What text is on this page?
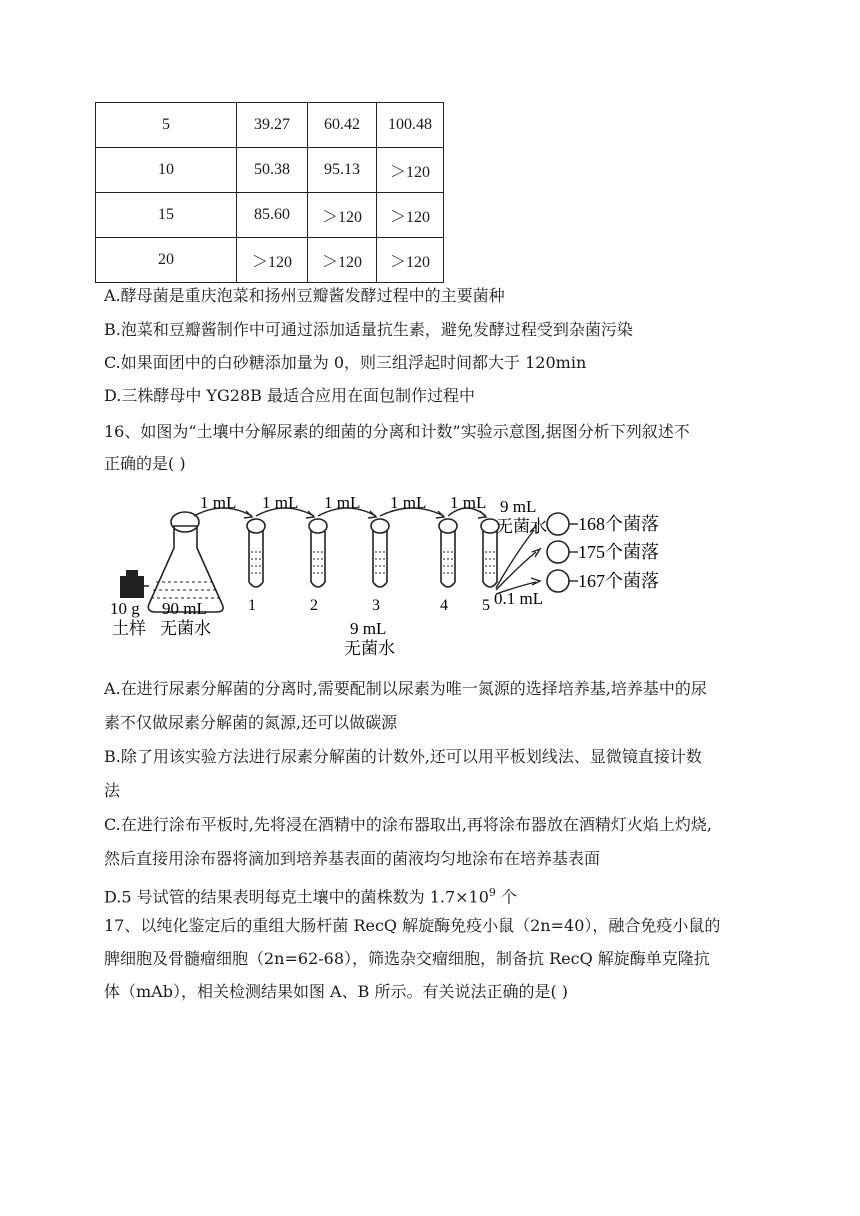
5	39.27	60.42	100.48
10	50.38	95.13	＞120
15	85.60	＞120	＞120
20	＞120	＞120	＞120

A.酵母菌是重庆泡菜和扬州豆瓣酱发酵过程中的主要菌种

B.泡菜和豆瓣酱制作中可通过添加适量抗生素，避免发酵过程受到杂菌污染

C.如果面团中的白砂糖添加量为 0，则三组浮起时间都大于 120min

D.三株酵母中 YG28B 最适合应用在面包制作过程中

16、如图为“土壤中分解尿素的细菌的分离和计数”实验示意图,据图分析下列叙述不

正确的是( )

10 g
土样
90 mL
无菌水
1 mL 1 mL 1 mL 1 mL 1 mL
1	2	3	4 5
9 mL
无菌水
9 mL
无菌水
0.1 mL
168个菌落
175个菌落
167个菌落

A.在进行尿素分解菌的分离时,需要配制以尿素为唯一氮源的选择培养基,培养基中的尿

素不仅做尿素分解菌的氮源,还可以做碳源

B.除了用该实验方法进行尿素分解菌的计数外,还可以用平板划线法、显微镜直接计数

法

C.在进行涂布平板时,先将浸在酒精中的涂布器取出,再将涂布器放在酒精灯火焰上灼烧,

然后直接用涂布器将滴加到培养基表面的菌液均匀地涂布在培养基表面

D.5 号试管的结果表明每克土壤中的菌株数为 $1.7\times 10^9$ 个

17、以纯化鉴定后的重组大肠杆菌 RecQ 解旋酶免疫小鼠（2n=40），融合免疫小鼠的

脾细胞及骨髓瘤细胞（2n=62-68），筛选杂交瘤细胞，制备抗 RecQ 解旋酶单克隆抗

体（mAb），相关检测结果如图 A、B 所示。有关说法正确的是( )
